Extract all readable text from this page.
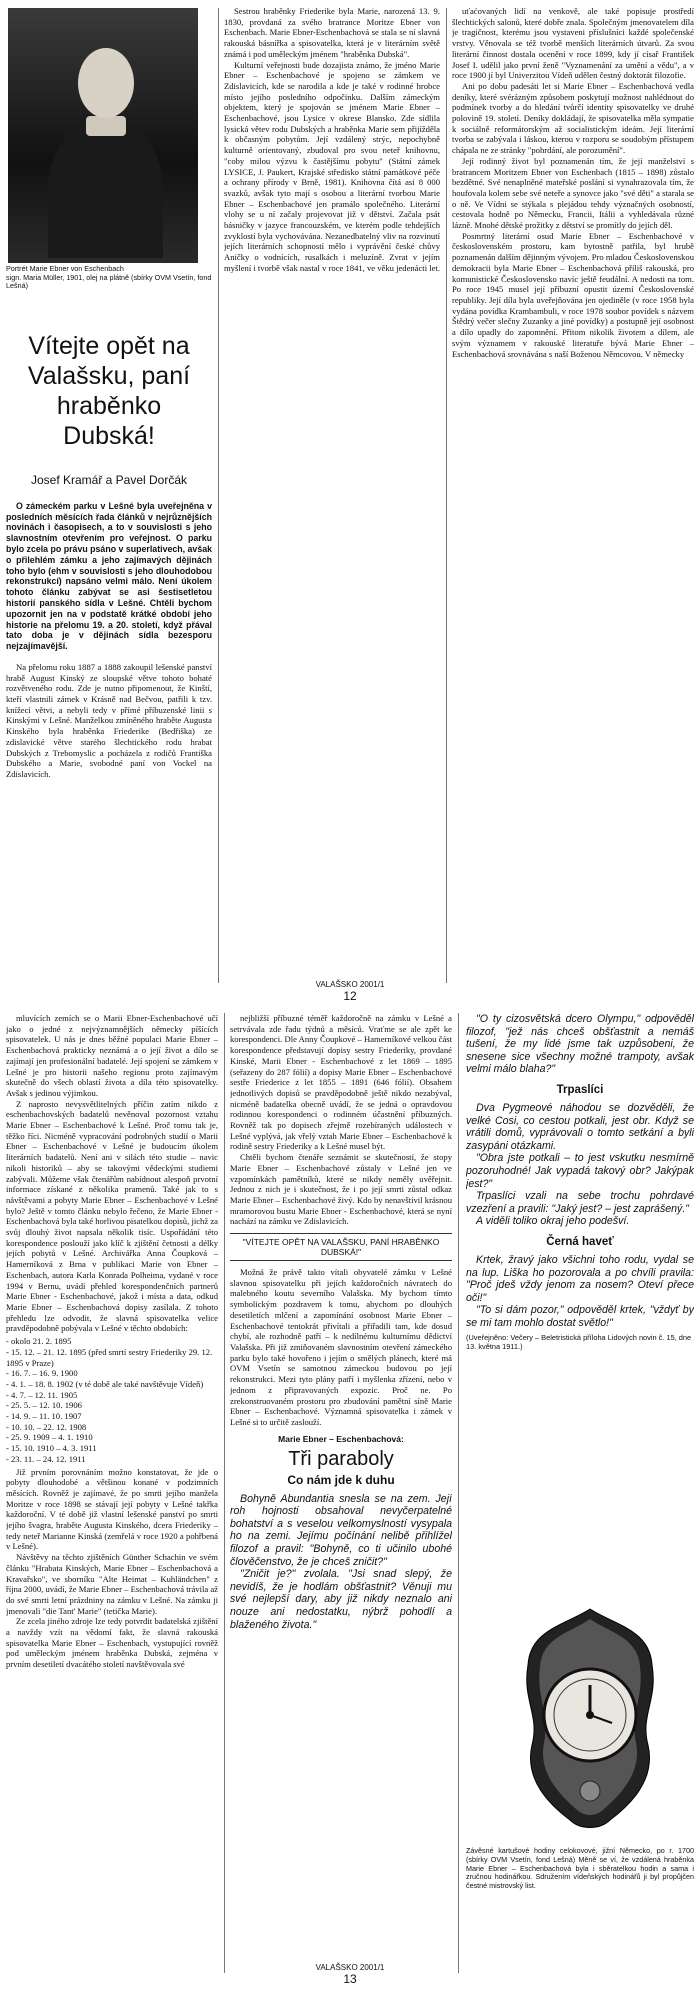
Portrét Marie Ebner von Eschenbach
sign. Maria Müller, 1901, olej na plátně (sbírky OVM Vsetín, fond Lešná)
Vítejte opět na Valašsku, paní hraběnko Dubská!
Josef Kramář a Pavel Dorčák
O zámeckém parku v Lešné byla uveřejněna v posledních měsících řada článků v nejrůznějších novinách i časopisech, a to v souvislosti s jeho slavnostním otevřením pro veřejnost. O parku bylo zcela po právu psáno v superlativech, avšak o přilehlém zámku a jeho zajímavých dějinách toho bylo (ehm v souvislosti s jeho dlouhodobou rekonstrukcí) napsáno velmi málo. Není úkolem tohoto článku zabývat se asi šestisetletou historií panského sídla v Lešné. Chtěli bychom upozornit jen na v podstatě krátké období jeho historie na přelomu 19. a 20. století, když přával tato doba je v dějinách sídla bezesporu nejzajímavější.

Na přelomu roku 1887 a 1888 zakoupil lešenské panství hrabě August Kinský ze sloupské větve tohoto bohaté rozvětveného rodu. Zde je nutno připomenout, že Kinští, kteří vlastnili zámek v Krásně nad Bečvou, patřili k tzv. knížecí větvi, a nebyli tedy v přímé příbuzenské linii s Kinskými v Lešné. Manželkou zmíněného hraběte Augusta Kinského byla hraběnka Friederike (Bedřiška) ze zdislavické větve starého šlechtického rodu hrabat Dubských z Trebomyslic a pocházela z rodičů Františka Dubského a Marie, svobodné paní von Vockel na Zdislavicích.

Sestrou hraběnky Friederike byla Marie, narozená 13. 9. 1830, provdaná za svého bratrance Moritze Ebner von Eschenbach. Marie Ebner-Eschenbachová se stala se ní slavná rakouská básnířka a spisovatelka, která je v literárním světě známá i pod uměleckým jménem "hraběnka Dubská".

Kulturní veřejnosti bude dozajista známo, že jméno Marie Ebner – Eschenbachové je spojeno se zámkem ve Zdislavicích, kde se narodila a kde je také v rodinné hrobce místo jejího posledního odpočinku. Dalším zámeckým objektem, který je spojován se jménem Marie Ebner – Eschenbachové, jsou Lysice v okrese Blansko. Zde sídlila lysická větev rodu Dubských a hraběnka Marie sem přijížděla k občasným pobytům. Její vzdálený strýc, nepochybně kulturně orientovaný, zbudoval pro svou neteř knihovnu, "coby milou výzvu k častějšímu pobytu" (Státní zámek LYSICE, J. Paukert, Krajské středisko státní památkové péče a ochrany přírody v Brně, 1981). Knihovna čítá asi 8 000 svazků, avšak tyto mají s osobou a literární tvorbou Marie Ebner – Eschenbachové jen pramálo společného. Literární vlohy se u ní začaly projevovat již v dětství. Začala psát básničky v jazyce francouzském, ve kterém podle tehdejších zvyklostí byla vychovávána. Nezanedbatelný vliv na rozvinutí jejích literárních schopností mělo i vyprávění české chůvy Aničky o vodnících, rusalkách i meluzíně. Zvrat v jejím myšlení i tvorbě však nastal v roce 1841, ve věku jedenácti let.

uťaćovaných lidí na venkově, ale také popisuje prostředí šlechtických salonů, které dobře znala. Společným jmenovatelem díla je tragičnost, kterému jsou vystaveni příslušníci každé společenské vrstvy. Věnovala se též tvorbě menších literárních útvarů. Za svou literární činnost dostala ocenění v roce 1899, kdy jí císař František Josef I. udělil jako první ženě "Vyznamenání za umění a vědu", a v roce 1900 jí byl Univerzitou Vídeň udělen čestný doktorát filozofie.

Ani po dobu padesáti let si Marie Ebner – Eschenbachová vedla deníky, které svérázným způsobem poskytují možnost nahlédnout do podmínek tvorby a do hledání tvůrčí identity spisovatelky ve druhé polovině 19. století. Deníky dokládají, že spisovatelka měla sympatie k sociálně reformátorským až socialistickým ideám. Její literární tvorba se zabývala i láskou, kterou v rozporu se soudobým přístupem chápala ne ze stránky "pohrdání, ale porozumění".

Její rodinný život byl poznamenán tím, že její manželství s bratrancem Moritzem Ebner von Eschenbach (1815 – 1898) zůstalo bezdětné. Své nenaplněné mateřské poslání si vynahrazovala tím, že houfovala kolem sebe své neteře a synovce jako "své děti" a starala se o ně. Ve Vídni se stýkala s plejádou tehdy význačných osobností, cestovala hodně po Německu, Francii, Itálii a vyhledávala různé lázně. Mnohé dětské prožitky z dětství se promítly do jejích děl.

Posmrtný literární osud Marie Ebner – Eschenbachové v československém prostoru, kam bytostně patřila, byl hrubě poznamenán dalším dějinným vývojem. Pro mladou Československou demokracii byla Marie Ebner – Eschenbachová příliš rakouská, pro komunistické Československo navíc ještě feudální. A nedosti na tom. Po roce 1945 musel její příbuzní opustit území Československé republiky. Její díla byla uveřejňována jen ojediněle (v roce 1958 byla vydána povídka Krambambuli, v roce 1978 soubor povídek s názvem Štědrý večer slečny Zuzanky a jiné povídky) a postupně její osobnost a dílo upadly do zapomnění. Přitom nikolik životem a dílem, ale svým významem v rakouské literatuře bývá Marie Ebner – Eschenbachová srovnávána s naší Boženou Němcovou. V německy

VALAŠSKO 2001/1
12

mluvících zemích se o Marii Ebner-Eschenbachové učí jako o jedné z nejvýznamnějších německy píšících spisovatelek. U nás je dnes běžné populaci Marie Ebner – Eschenbachová prakticky neznámá a o její život a dílo se zajímají jen profesionální badatelé. Její spojení se zámkem v Lešné je pro historii našeho regionu proto zajímavým skutečně do všech oblastí života a díla této spisovatelky. Avšak s jedinou výjimkou.

Z naprosto nevysvětlitelných příčin zatím nikdo z eschenbachovských badatelů nevěnoval pozornost vztahu Marie Ebner – Eschenbachové k Lešné. Proč tomu tak je, těžko říci. Nicméně vypracování podrobných studií o Marii Ebner – Eschenbachové v Lešné je budoucím úkolem literárních badatelů. Není ani v silách této studie – navic nikoli historiků – aby se takovými vědeckými studiemi zabývali. Můžeme však čtenářům nabídnout alespoň prvotní informace získané z několika pramenů. Také jak to s návštěvami a pobyty Marie Ebner – Eschenbachové v Lešné bylo? Ještě v tomto článku nebylo řečeno, že Marie Ebner - Eschenbachová byla také horlivou pisatelkou dopisů, jichž za svůj dlouhý život napsala několik tisíc. Uspořádání této korespondence poslouží jako klíč k zjištění četnosti a délky jejích pobytů v Lešné. Archivářka Anna Čoupková – Hamerníková z Brna v publikaci Marie von Ebner – Eschenbach, autora Karla Konrada Polheima, vydané v roce 1994 v Bernu, uvádí přehled korespondenčních partnerů Marie Ebner - Eschenbachové, jakož i místa a data, odkud Marie Ebner – Eschenbachová dopisy zasílala. Z tohoto přehledu lze odvodit, že slavná spisovatelka velice pravděpodobně pobývala v Lešné v těchto obdobích:

- okolo 21. 2. 1895
- 15. 12. – 21. 12. 1895 (před smrtí sestry Friederiky 29. 12. 1895 v Praze)
- 16. 7. – 16. 9. 1900
- 4. 1. – 18. 8. 1902 (v té době ale také navštěvuje Vídeň)
- 4. 7. – 12. 11. 1905
- 25. 5. – 12. 10. 1906
- 14. 9. – 11. 10. 1907
- 10. 10. – 22. 12. 1908
- 25. 9. 1909 – 4. 1. 1910
- 15. 10. 1910 – 4. 3. 1911
- 23. 11. – 24. 12. 1911

Již prvním porovnáním možno konstatovat, že jde o pobyty dlouhodobé a většinou konané v podzimních měsících. Rovněž je zajímavé, že po smrti jejího manžela Moritze v roce 1898 se stávají její pobyty v Lešné takřka každoroční. V té době již vlastní lešenské panství po smrti jejího švagra, hraběte Augusta Kinského, dcera Friederiky – tedy neteř Marianne Kinská (zemřelá v roce 1920 a pohřbená v Lešné).

Návštěvy na těchto zjištěních Günther Schachin ve svém článku "Hrabata Kinských, Marie Ebner – Eschenbachová a Kravařsko", ve sborníku "Alte Heimat – Kuhländchen" z října 2000, uvádí, že Marie Ebner – Eschenbachová trávila až do své smrti letní prázdniny na zámku v Lešné. Na zámku ji jmenovali "die Tant' Marie" (tetička Marie).

Ze zcela jiného zdroje lze tedy potvrdit badatelská zjištění a navždy vzít na vědomí fakt, že slavná rakouská spisovatelka Marie Ebner – Eschenbach, vystupující rovněž pod uměleckým jménem hraběnka Dubská, zejména v prvním desetiletí dvacátého století navštěvovala své

nejbližší příbuzné téměř každoročně na zámku v Lešné a setrvávala zde řadu týdnů a měsíců. Vraťme se ale zpět ke korespondenci. Dle Anny Čoupkové – Hamerníkové velkou část korespondence představují dopisy sestry Friederiky, provdané Kinské, Marii Ebner - Eschenbachové z let 1869 – 1895 (seřazeny do 287 fólií) a dopisy Marie Ebner – Eschenbachové sestře Friederice z let 1855 – 1891 (646 fólií). Obsahem jednotlivých dopisů se pravděpodobně ještě nikdo nezabýval, nicméně badatelka obecně uvádí, že se jedná o opravdovou rodinnou korespondenci o rodinném účastnění příbuzných. Rovněž tak po dopisech zřejmě rozebíraných událostech v Lešné vyplývá, jak vřelý vztah Marie Ebner – Eschenbachové k rodině sestry Friederiky a k Lešné musel být.

Chtěli bychom čtenáře seznámit se skutečností, že stopy Marie Ebner – Eschenbachové zůstaly v Lešné jen ve vzpomínkách pamětníků, které se nikdy neměly uvěřejnit. Jednou z nich je i skutečnost, že i po její smrti zůstal odkaz Marie Ebner – Eschenbachové živý. Kdo by nenavštívil krásnou mramorovou bustu Marie Ebner - Eschenbachové, která se nyní nachází na zámku ve Zdislavicích.

"VÍTEJTE OPĚT NA VALAŠSKU, PANÍ HRABĚNKO DUBSKÁ!"

Možná že právě takto vítali obyvatelé zámku v Lešné slavnou spisovatelku při jejích každoročních návratech do malebného koutu severního Valašska. My bychom tímto symbolickým pozdravem k tomu, abychom po dlouhých desetiletích mlčení a zapomínání osobnost Marie Ebner – Eschenbachové tentokrát přivítali a přiřadili tam, kde dosud chybí, ale rozhodně patří – k nedílnému kulturnímu dědictví Valašska. Při již zmiňovaném slavnostním otevření zámeckého parku bylo také hovořeno i jejím o smělých plánech, které má OVM Vsetín se samotnou zámeckou budovou po její rekonstrukci. Mezi tyto plány patří i myšlenka zřízení, nebo v jednom z připravovaných expozic. Proč ne. Po zrekonstruovaném prostoru pro zbudování pamětní síně Marie Ebner – Eschenbachové. Významná spisovatelka i zámek v Lešné si to určitě zaslouží.

Marie Ebner – Eschenbachová:
Tři paraboly
Co nám jde k duhu

Bohyně Abundantia snesla se na zem. Její roh hojnosti obsahoval nevyčerpatelné bohatství a s veselou velkomyslností vysypala ho na zemi. Jejímu počínání nelibě přihlížel filozof a pravil: "Bohyně, co ti učinilo ubohé člověčenstvo, že je chceš zničit?"

"Zničit je?" zvolala. "Jsi snad slepý, že nevidíš, že je hodlám obšťastnit? Věnuji mu své nejlepší dary, aby již nikdy neznalo ani nouze ani nedostatku, nýbrž pohodlí a blaženého života."

"O ty cizosvětská dcero Olympu," odpověděl filozof, "jež nás chceš obšťastnit a nemáš tušení, že my lidé jsme tak uzpůsobeni, že snesene sice všechny možné trampoty, avšak velmi málo blaha?"

Trpaslíci

Dva Pygmeové náhodou se dozvěděli, že velké Cosi, co cestou potkali, jest obr. Když se vrátili domů, vyprávovali o tomto setkání a byli zasypáni otázkami.

"Obra jste potkali – to jest vskutku nesmírně pozoruhodné! Jak vypadá takový obr? Jakýpak jest?"

Trpaslíci vzali na sebe trochu pohrdavé vzezření a pravili: "Jaký jest? – jest zaprášený."

A viděli toliko okraj jeho podešví.

Černá haveť

Krtek, žravý jako všichni toho rodu, vydal se na lup. Liška ho pozorovala a po chvíli pravila: "Proč jdeš vždy jenom za nosem? Oteví přece oči!"

"To si dám pozor," odpověděl krtek, "vždyť by se mi tam mohlo dostat světlo!"

(Uveřejněno: Večery – Beletristická příloha Lidových novin č. 15, dne 13. května 1911.)
Závěsné kartušové hodiny celokovové, jižní Německo, po r. 1700 (sbírky OVM Vsetín, fond Lešná) Měně se ví, že vzdálená hraběnka Marie Ebner – Eschenbachová byla i sběratelkou hodin a sama i zručnou hodinářkou. Sdružením vídeňských hodinářů ji byl propůjčen čestné mistrovský list.
VALAŠSKO 2001/1
13
